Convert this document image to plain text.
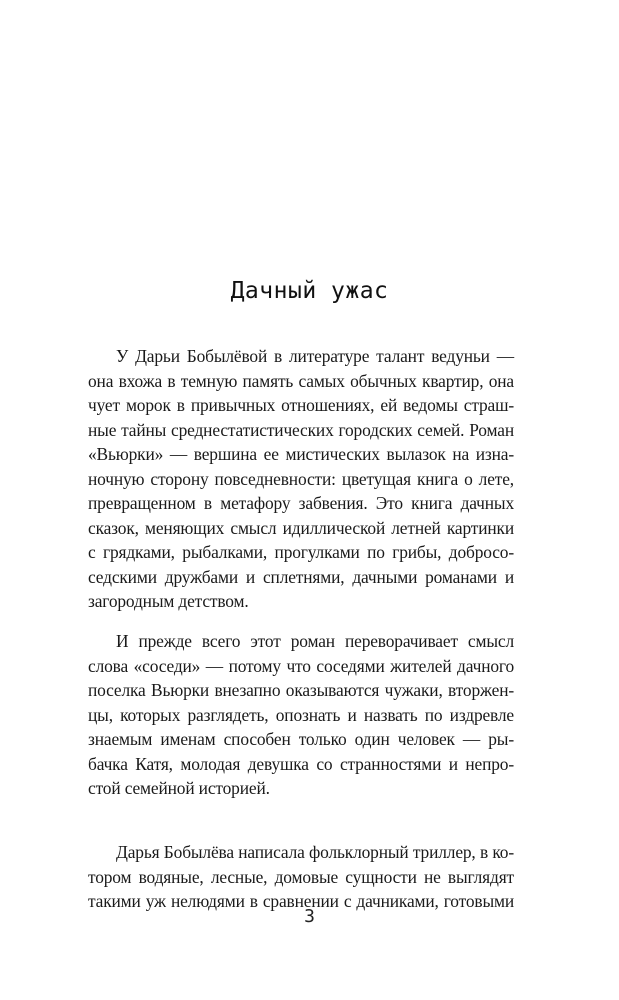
Дачный ужас
У Дарьи Бобылёвой в литературе талант ведуньи —
она вхожа в темную память самых обычных квартир, она
чует морок в привычных отношениях, ей ведомы страш-
ные тайны среднестатистических городских семей. Роман
«Вьюрки» — вершина ее мистических вылазок на изна-
ночную сторону повседневности: цветущая книга о лете,
превращенном в метафору забвения. Это книга дачных
сказок, меняющих смысл идиллической летней картинки
с грядками, рыбалками, прогулками по грибы, добросо-
седскими дружбами и сплетнями, дачными романами и
загородным детством.
И прежде всего этот роман переворачивает смысл
слова «соседи» — потому что соседями жителей дачного
поселка Вьюрки внезапно оказываются чужаки, вторжен-
цы, которых разглядеть, опознать и назвать по издревле
знаемым именам способен только один человек — ры-
бачка Катя, молодая девушка со странностями и непро-
стой семейной историей.
Дарья Бобылёва написала фольклорный триллер, в ко-
тором водяные, лесные, домовые сущности не выглядят
такими уж нелюдями в сравнении с дачниками, готовыми
3
